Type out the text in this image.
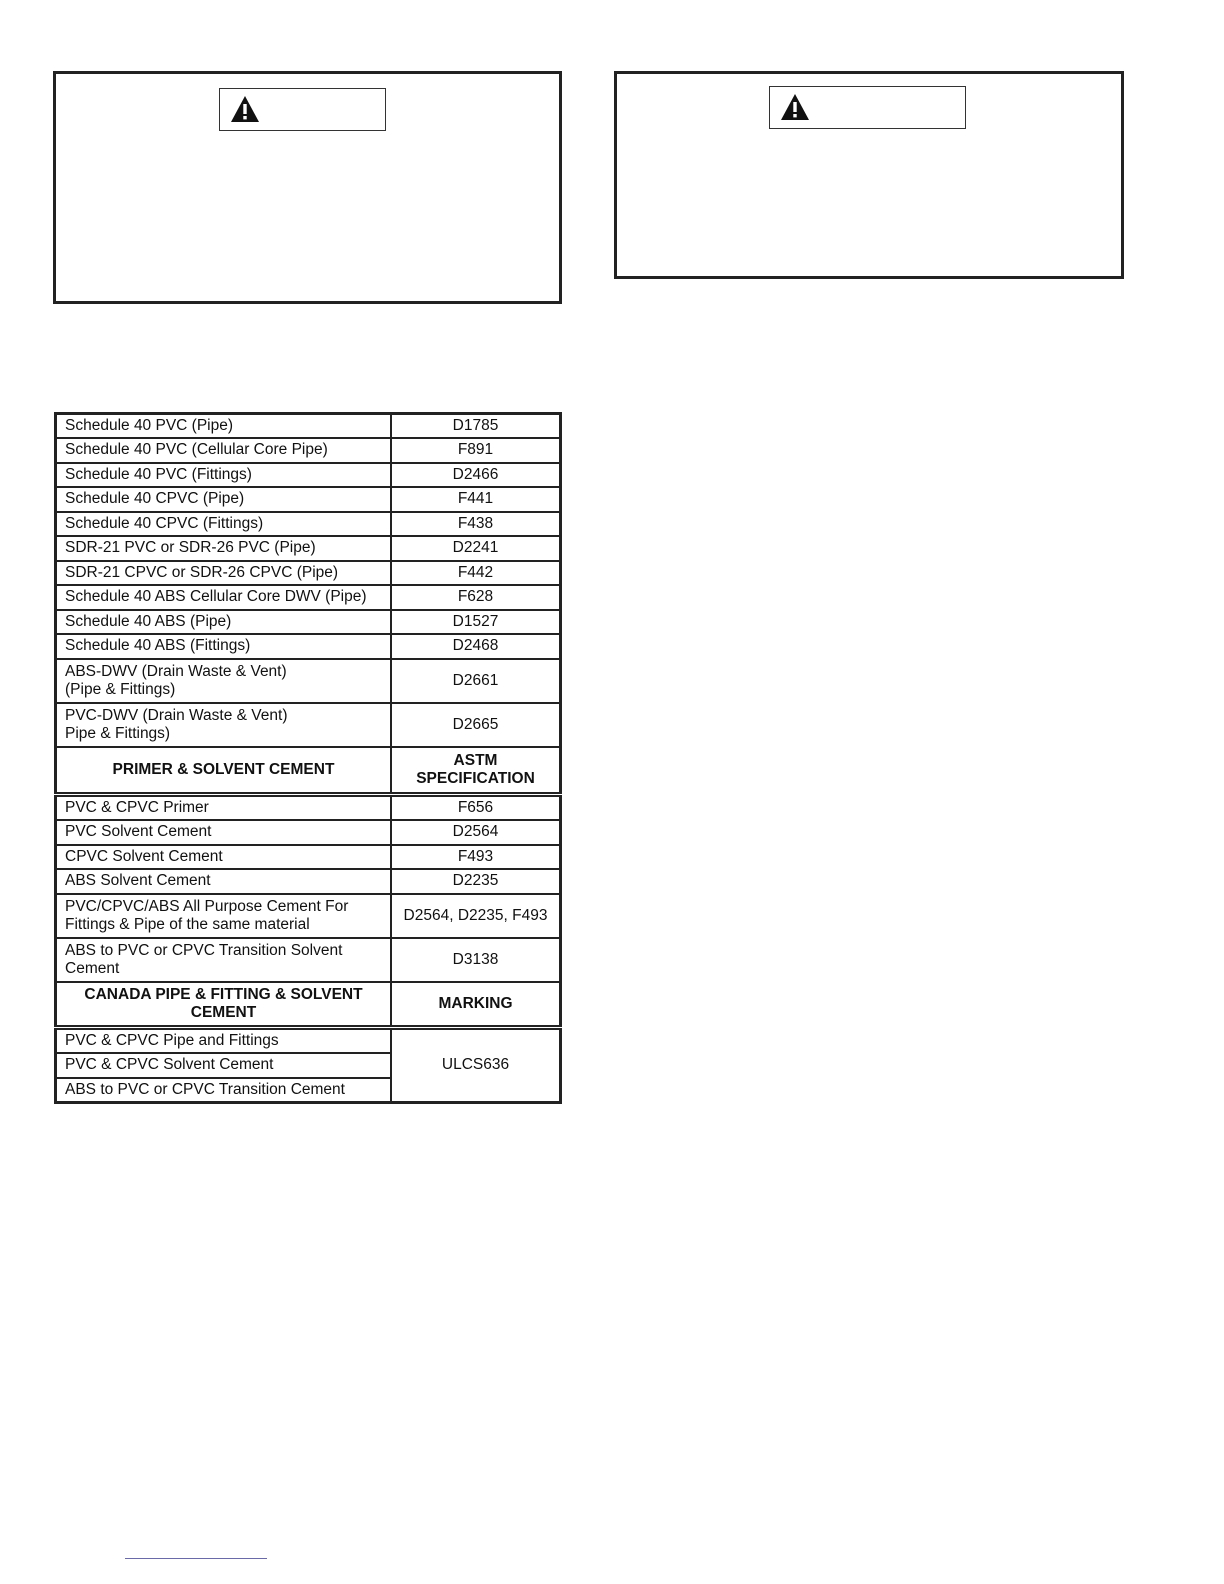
Schedule 40 PVC (Pipe)	D1785
Schedule 40 PVC (Cellular Core Pipe)	F891
Schedule 40 PVC (Fittings)	D2466
Schedule 40 CPVC (Pipe)	F441
Schedule 40 CPVC (Fittings)	F438
SDR-21 PVC or SDR-26 PVC (Pipe)	D2241
SDR-21 CPVC or SDR-26 CPVC (Pipe)	F442
Schedule 40 ABS Cellular Core DWV (Pipe)	F628
Schedule 40 ABS (Pipe)	D1527
Schedule 40 ABS (Fittings)	D2468
ABS-DWV (Drain Waste & Vent)
(Pipe & Fittings)	D2661
PVC-DWV (Drain Waste & Vent)
Pipe & Fittings)	D2665
PRIMER & SOLVENT CEMENT	ASTM
SPECIFICATION
PVC & CPVC Primer	F656
PVC Solvent Cement	D2564
CPVC Solvent Cement	F493
ABS Solvent Cement	D2235
PVC/CPVC/ABS All Purpose Cement For
Fittings & Pipe of the same material	D2564, D2235, F493
ABS to PVC or CPVC Transition Solvent
Cement	D3138
CANADA PIPE & FITTING & SOLVENT
CEMENT	MARKING
PVC & CPVC Pipe and Fittings	ULCS636
PVC & CPVC Solvent Cement	
ABS to PVC or CPVC Transition Cement	
